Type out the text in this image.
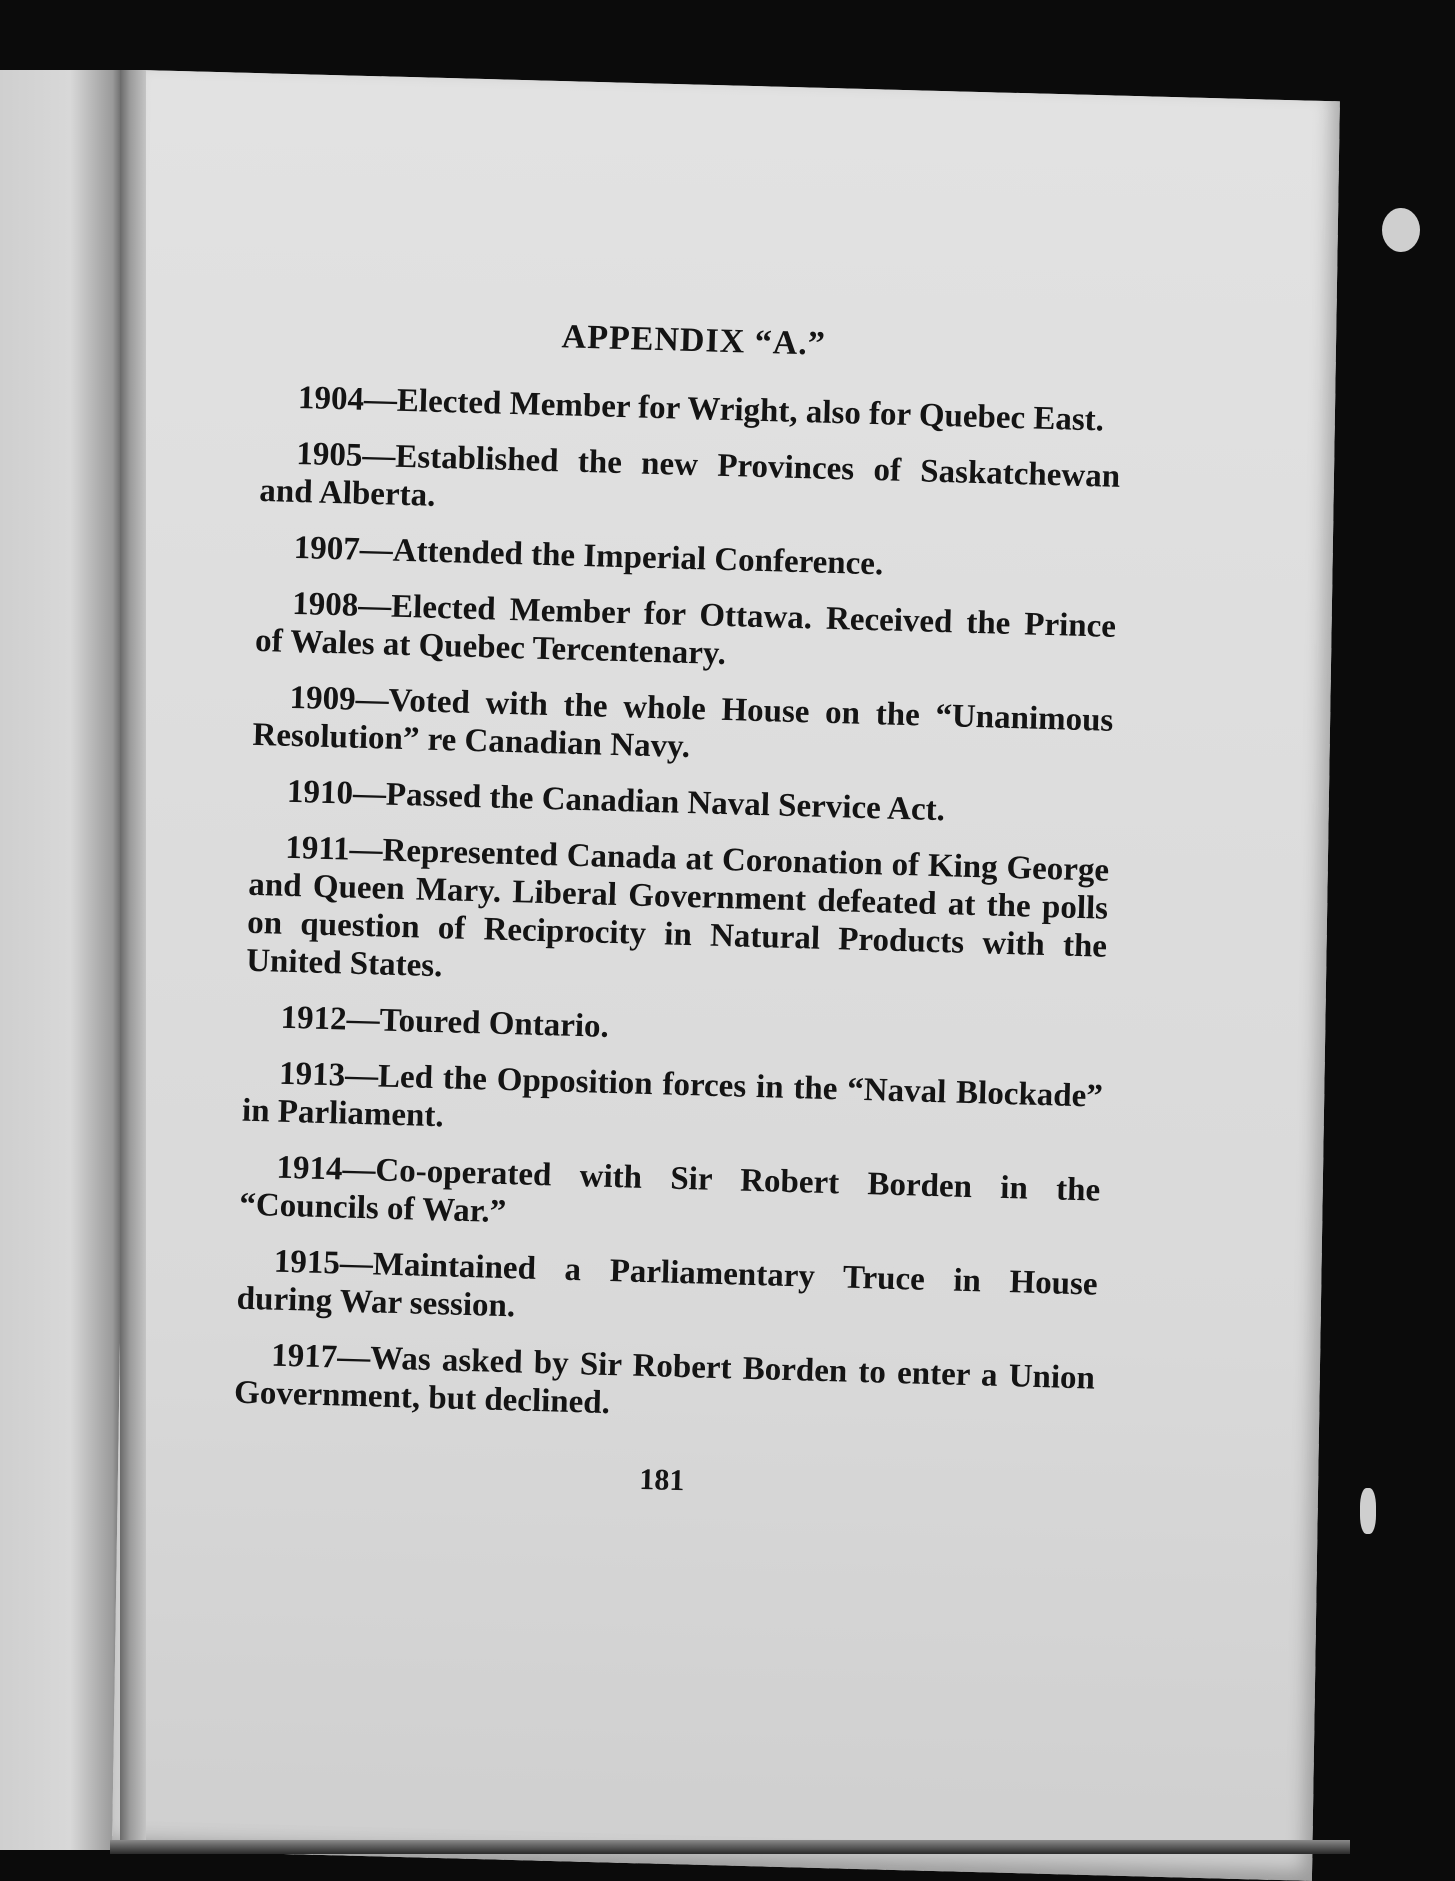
APPENDIX “A.”

1904—Elected Member for Wright, also for Quebec East.

1905—Established the new Provinces of Saskatchewan and Alberta.

1907—Attended the Imperial Conference.

1908—Elected Member for Ottawa. Received the Prince of Wales at Quebec Tercentenary.

1909—Voted with the whole House on the “Unanimous Resolution” re Canadian Navy.

1910—Passed the Canadian Naval Service Act.

1911—Represented Canada at Coronation of King George and Queen Mary. Liberal Government defeated at the polls on question of Reciprocity in Natural Products with the United States.

1912—Toured Ontario.

1913—Led the Opposition forces in the “Naval Blockade” in Parliament.

1914—Co-operated with Sir Robert Borden in the “Councils of War.”

1915—Maintained a Parliamentary Truce in House during War session.

1917—Was asked by Sir Robert Borden to enter a Union Government, but declined.

181
